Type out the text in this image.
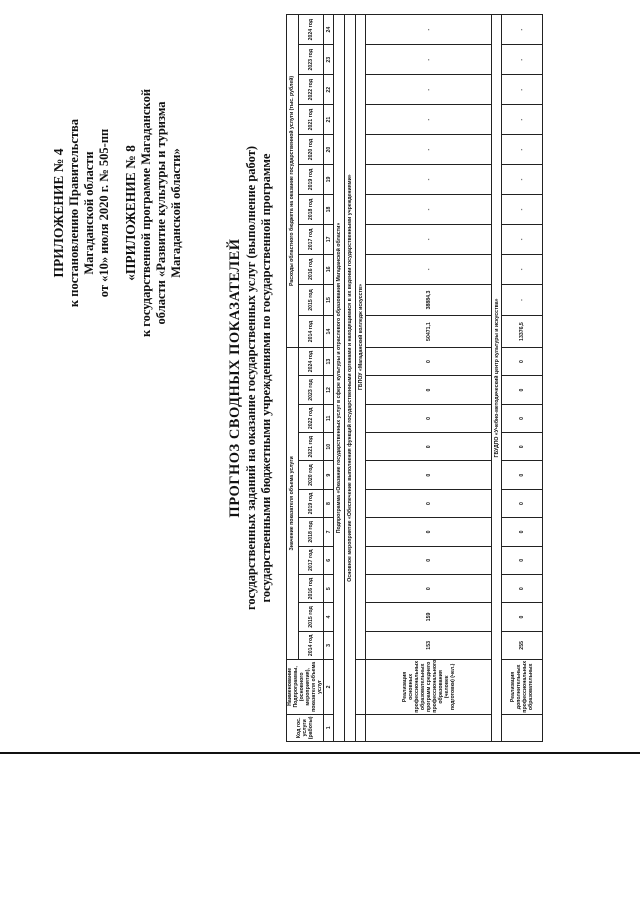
ПРИЛОЖЕНИЕ № 4 к постановлению Правительства Магаданской области от «10» июля 2020 г. № 505-пп «ПРИЛОЖЕНИЕ № 8 к государственной программе Магаданской области «Развитие культуры и туризма Магаданской области»
ПРОГНОЗ СВОДНЫХ ПОКАЗАТЕЛЕЙ государственных заданий на оказание государственных услуг (выполнение работ) государственными бюджетными учреждениями по государственной программе
Код гос. услуги (работы)	Наименование Подпрограммы, (основного мероприятия), показателя объема услуг	Значение показателя объема услуги											Расходы областного бюджета на оказание государственной услуги (тыс. рублей)										
		2014 год	2015 год	2016 год	2017 год	2018 год	2019 год	2020 год	2021 год	2022 год	2023 год	2024 год	2014 год	2015 год	2016 год	2017 год	2018 год	2019 год	2020 год	2021 год	2022 год	2023 год	2024 год
1	2	3	4	5	6	7	8	9	10	11	12	13	14	15	16	17	18	19	20	21	22	23	24
Подпрограмма «Оказание государственных услуг в сфере культуры и отраслевого образования Магаданской области»																							
Основное мероприятие «Обеспечение выполнения функций государственными органами и находящимися в их ведении государственными учреждениями»																							
		ГБПОУ «Магаданский колледж искусств»																					
	Реализация основных профессиональных образовательных программ среднего профессионального образования (человек подготовки) (чел.)	153	159	0	0	0	0	0	0	0	0	0	50471,1	38884,3	-	-	-	-	-	-	-	-	-
ГБУДПО «Учебно-методический центр культуры и искусства»																							
	Реализация дополнительных профессиональных образовательных	255	0	0	0	0	0	0	0	0	0	0	13376,5	-	-	-	-	-	-	-	-	-	-
